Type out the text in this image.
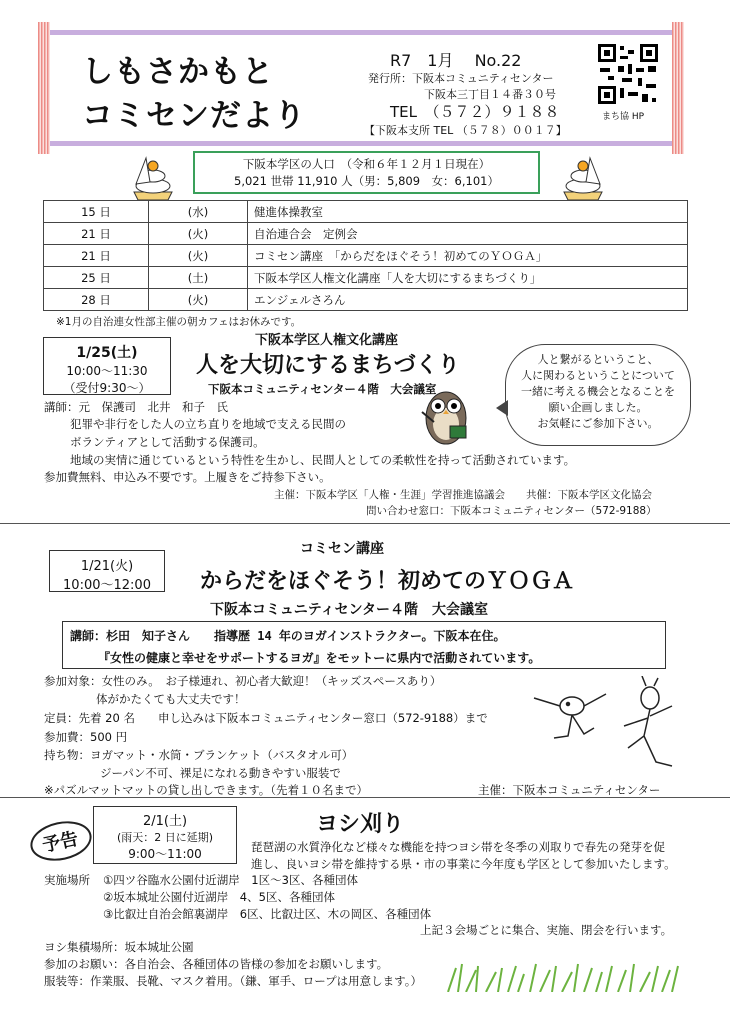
しもさかもと
コミセンだより
R7　1月　 No.22
発行所：下阪本コミュニティセンター
下阪本三丁目１４番３０号
TEL　（５７２）９１８８
【下阪本支所 TEL （５７８）００１７】
まち協 HP
下阪本学区の人口　（令和６年１２月１日現在）
5,021 世帯 11,910 人（男：5,809　女：6,101）
15 日	(水)	健進体操教室
21 日	(火)	自治連合会　定例会
21 日	(火)	コミセン講座　「からだをほぐそう！初めてのＹＯＧＡ」
25 日	(土)	下阪本学区人権文化講座「人を大切にするまちづくり」
28 日	(火)	エンジェルさろん
※1月の自治連女性部主催の朝カフェはお休みです。
下阪本学区人権文化講座
1/25(土)
10:00～11:30
（受付9:30～）
人を大切にするまちづくり
下阪本コミュニティセンター４階　大会議室
人と繋がるということ、
人に関わるということについて
一緒に考える機会となることを
願い企画しました。
お気軽にご参加下さい。
講師：元　保護司　北井　和子　氏
犯罪や非行をした人の立ち直りを地域で支える民間の
ボランティアとして活動する保護司。
地域の実情に通じているという特性を生かし、民間人としての柔軟性を持って活動されています。
参加費無料、申込み不要です。上履きをご持参下さい。
主催：下阪本学区「人権・生涯」学習推進協議会　　共催：下阪本学区文化協会
問い合わせ窓口：下阪本コミュニティセンター（572-9188）
コミセン講座
1/21(火)
10:00～12:00	からだをほぐそう！初めてのＹＯＧＡ
下阪本コミュニティセンター４階　大会議室
講師：杉田　知子さん　　指導歴 14 年のヨガインストラクター。下阪本在住。
『女性の健康と幸せをサポートするヨガ』をモットーに県内で活動されています。
参加対象：女性のみ。　お子様連れ、初心者大歓迎！（キッズスペースあり）
体がかたくても大丈夫です！
定員：先着 20 名　　申し込みは下阪本コミュニティセンター窓口（572-9188）まで
参加費：500 円
持ち物：ヨガマット・水筒・ブランケット（バスタオル可）
ジーパン不可、裸足になれる動きやすい服装で
※パズルマットマットの貸し出しできます。（先着１０名まで）	主催：下阪本コミュニティセンター
予告
2/1(土)
(雨天：2 日に延期)
9:00～11:00
ヨシ刈り
琵琶湖の水質浄化など様々な機能を持つヨシ帯を冬季の刈取りで春先の発芽を促
進し、良いヨシ帯を維持する県・市の事業に今年度も学区として参加いたします。
実施場所 ①四ツ谷臨水公園付近湖岸　1区～3区、各種団体
②坂本城址公園付近湖岸　4、5区、各種団体
③比叡辻自治会館裏湖岸　6区、比叡辻区、木の岡区、各種団体
上記３会場ごとに集合、実施、閉会を行います。
ヨシ集積場所：坂本城址公園
参加のお願い：各自治会、各種団体の皆様の参加をお願いします。
服装等：作業服、長靴、マスク着用。（鎌、軍手、ロープは用意します。）
